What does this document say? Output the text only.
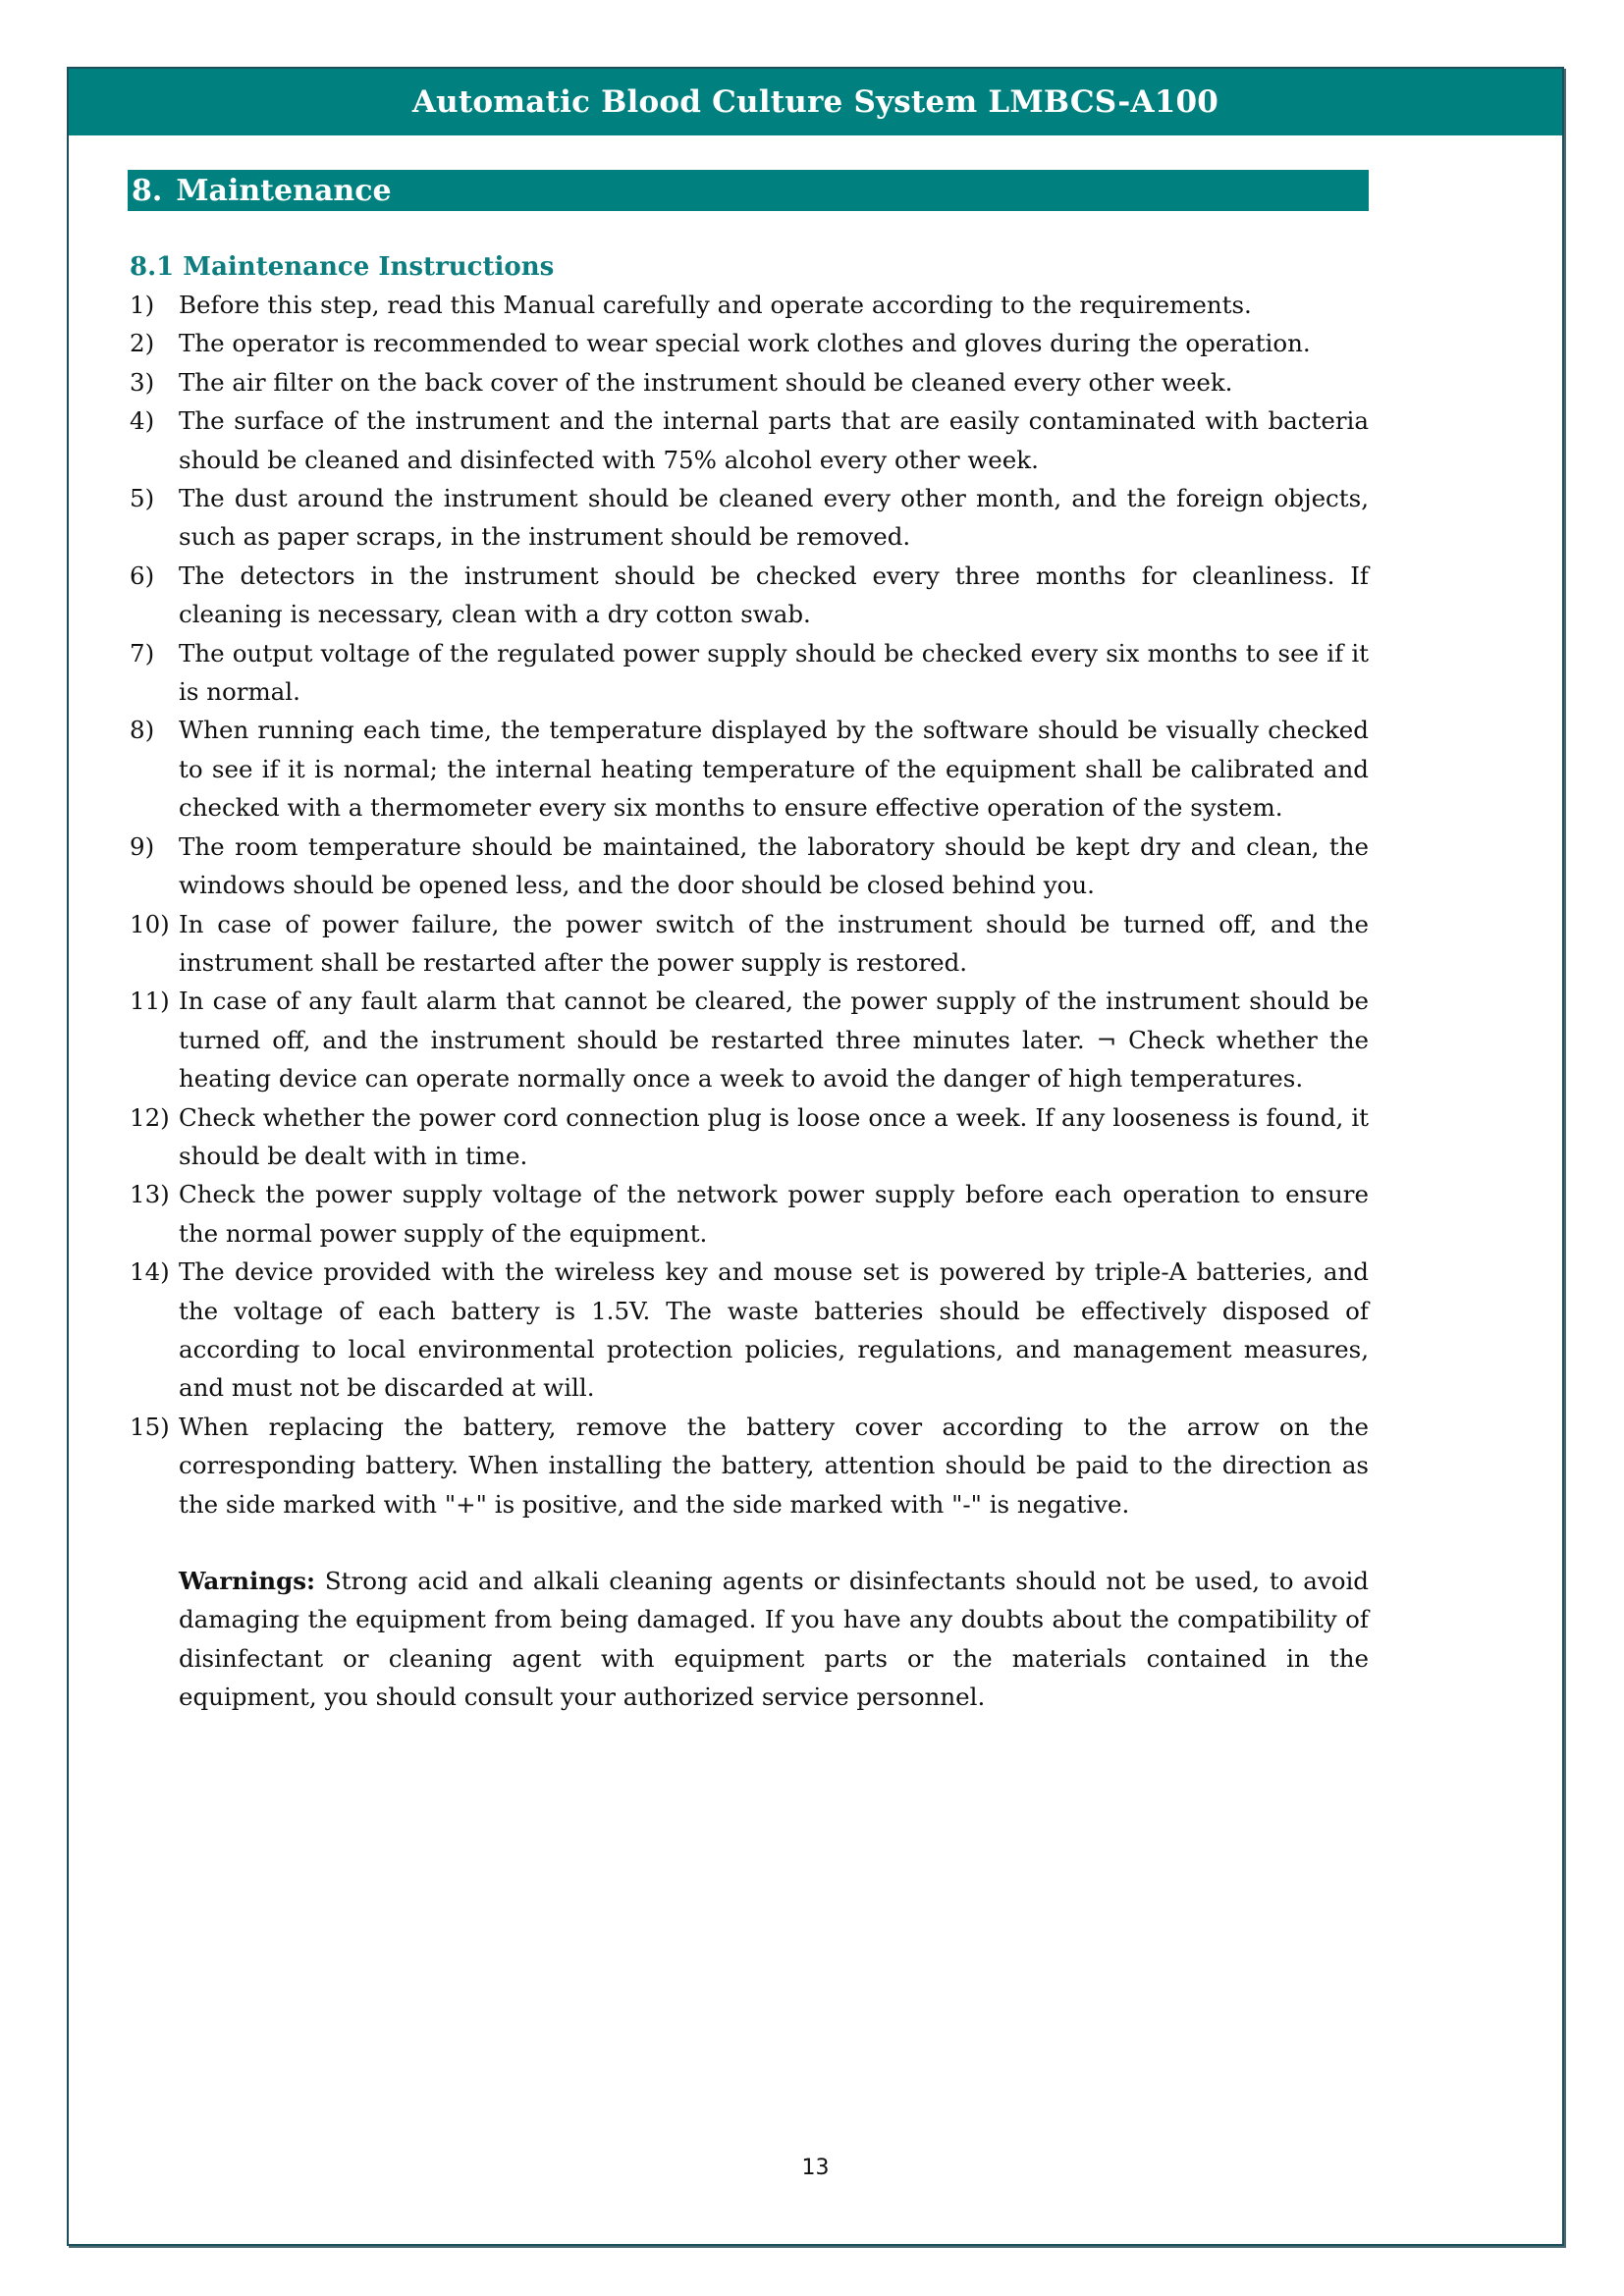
Automatic Blood Culture System LMBCS-A100
13
8. Maintenance
8.1 Maintenance Instructions
1)	Before this step, read this Manual carefully and operate according to the requirements.
2)	The operator is recommended to wear special work clothes and gloves during the operation.
3)	The air filter on the back cover of the instrument should be cleaned every other week.
4)	The surface of the instrument and the internal parts that are easily contaminated with bacteria should be cleaned and disinfected with 75% alcohol every other week.
5)	The dust around the instrument should be cleaned every other month, and the foreign objects, such as paper scraps, in the instrument should be removed.
6)	The detectors in the instrument should be checked every three months for cleanliness. If cleaning is necessary, clean with a dry cotton swab.
7)	The output voltage of the regulated power supply should be checked every six months to see if it is normal.
8)	When running each time, the temperature displayed by the software should be visually checked to see if it is normal; the internal heating temperature of the equipment shall be calibrated and checked with a thermometer every six months to ensure effective operation of the system.
9)	The room temperature should be maintained, the laboratory should be kept dry and clean, the windows should be opened less, and the door should be closed behind you.
10) In case of power failure, the power switch of the instrument should be turned off, and the instrument shall be restarted after the power supply is restored.
11) In case of any fault alarm that cannot be cleared, the power supply of the instrument should be turned off, and the instrument should be restarted three minutes later. ¬ Check whether the heating device can operate normally once a week to avoid the danger of high temperatures.
12) Check whether the power cord connection plug is loose once a week. If any looseness is found, it should be dealt with in time.
13) Check the power supply voltage of the network power supply before each operation to ensure the normal power supply of the equipment.
14) The device provided with the wireless key and mouse set is powered by triple-A batteries, and the voltage of each battery is 1.5V. The waste batteries should be effectively disposed of according to local environmental protection policies, regulations, and management measures, and must not be discarded at will.
15) When replacing the battery, remove the battery cover according to the arrow on the corresponding battery. When installing the battery, attention should be paid to the direction as the side marked with "+" is positive, and the side marked with "-" is negative.
Warnings: Strong acid and alkali cleaning agents or disinfectants should not be used, to avoid damaging the equipment from being damaged. If you have any doubts about the compatibility of disinfectant or cleaning agent with equipment parts or the materials contained in the equipment, you should consult your authorized service personnel.
